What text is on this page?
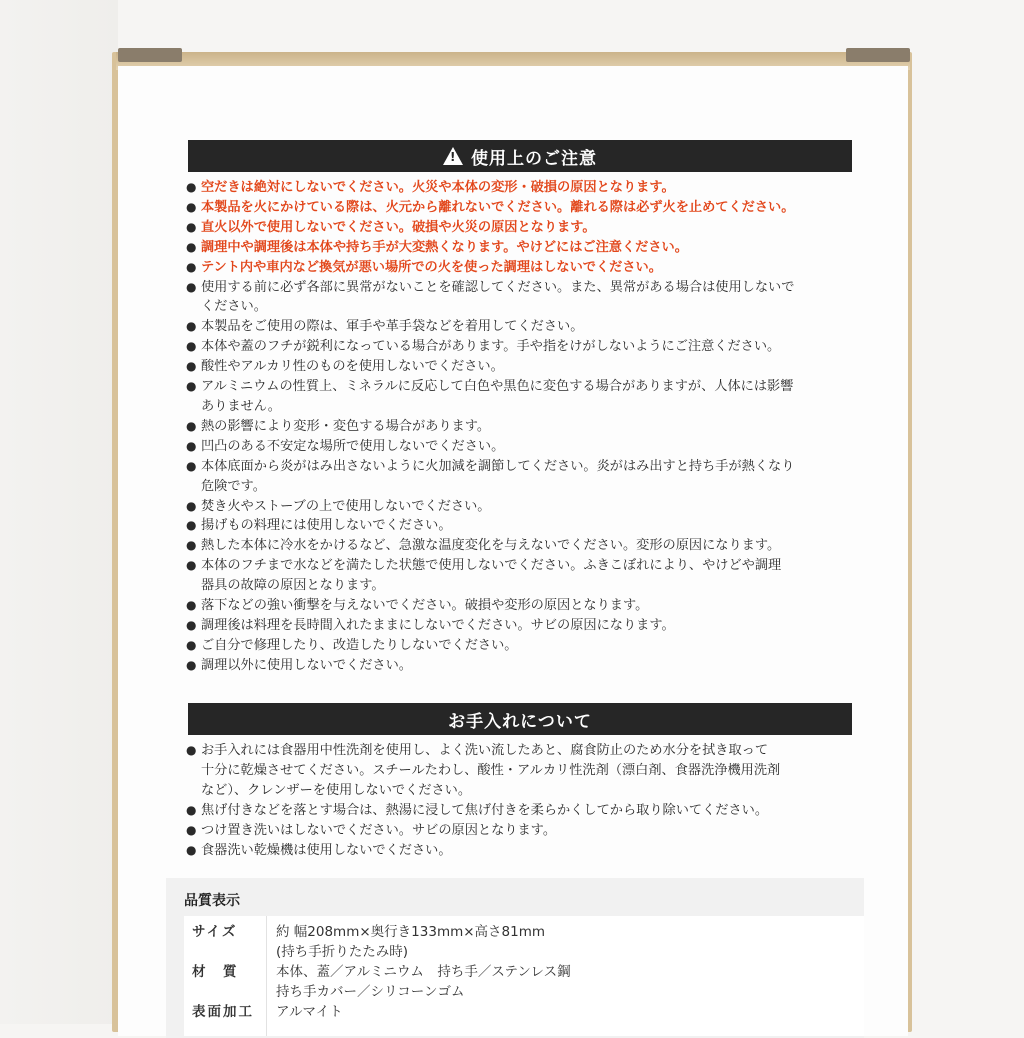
!
使用上のご注意
● 空だきは絶対にしないでください。火災や本体の変形・破損の原因となります。
● 本製品を火にかけている際は、火元から離れないでください。離れる際は必ず火を止めてください。
● 直火以外で使用しないでください。破損や火災の原因となります。
● 調理中や調理後は本体や持ち手が大変熱くなります。やけどにはご注意ください。
● テント内や車内など換気が悪い場所での火を使った調理はしないでください。
● 使用する前に必ず各部に異常がないことを確認してください。また、異常がある場合は使用しないで
ください。
● 本製品をご使用の際は、軍手や革手袋などを着用してください。
● 本体や蓋のフチが鋭利になっている場合があります。手や指をけがしないようにご注意ください。
● 酸性やアルカリ性のものを使用しないでください。
● アルミニウムの性質上、ミネラルに反応して白色や黒色に変色する場合がありますが、人体には影響
ありません。
● 熱の影響により変形・変色する場合があります。
● 凹凸のある不安定な場所で使用しないでください。
● 本体底面から炎がはみ出さないように火加減を調節してください。炎がはみ出すと持ち手が熱くなり
危険です。
● 焚き火やストーブの上で使用しないでください。
● 揚げもの料理には使用しないでください。
● 熱した本体に冷水をかけるなど、急激な温度変化を与えないでください。変形の原因になります。
● 本体のフチまで水などを満たした状態で使用しないでください。ふきこぼれにより、やけどや調理
器具の故障の原因となります。
● 落下などの強い衝撃を与えないでください。破損や変形の原因となります。
● 調理後は料理を長時間入れたままにしないでください。サビの原因になります。
● ご自分で修理したり、改造したりしないでください。
● 調理以外に使用しないでください。
お手入れについて
● お手入れには食器用中性洗剤を使用し、よく洗い流したあと、腐食防止のため水分を拭き取って
十分に乾燥させてください。スチールたわし、酸性・アルカリ性洗剤（漂白剤、食器洗浄機用洗剤
など）、クレンザーを使用しないでください。
● 焦げ付きなどを落とす場合は、熱湯に浸して焦げ付きを柔らかくしてから取り除いてください。
● つけ置き洗いはしないでください。サビの原因となります。
● 食器洗い乾燥機は使用しないでください。
品質表示
サイズ	約 幅208mm×奥行き133mm×高さ81mm
(持ち手折りたたみ時)
材　質	本体、蓋／アルミニウム　持ち手／ステンレス鋼
持ち手カバー／シリコーンゴム
表面加工 アルマイト
